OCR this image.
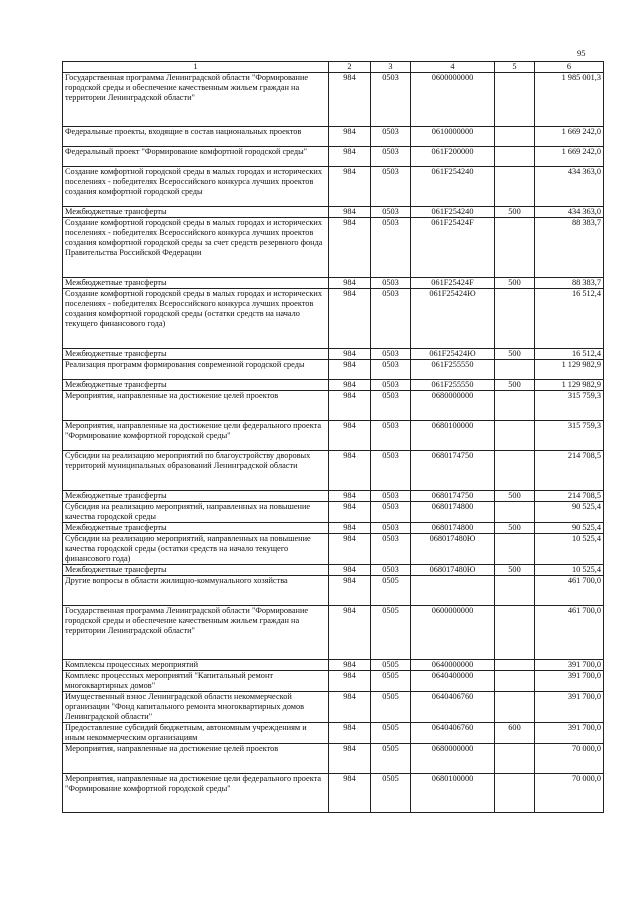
95
1	2	3	4	5	6
Государственная программа Ленинградской области "Формирование городской среды и обеспечение качественным жильем граждан на территории Ленинградской области"	984	0503	0600000000		1 985 001,3
Федеральные проекты, входящие в состав национальных проектов	984	0503	0610000000		1 669 242,0
Федеральный проект "Формирование комфортной городской среды"	984	0503	061F200000		1 669 242,0
Создание комфортной городской среды в малых городах и исторических поселениях - победителях Всероссийского конкурса лучших проектов создания комфортной городской среды	984	0503	061F254240		434 363,0
Межбюджетные трансферты	984	0503	061F254240	500	434 363,0
Создание комфортной городской среды в малых городах и исторических поселениях - победителях Всероссийского конкурса лучших проектов создания комфортной городской среды за счет средств резервного фонда Правительства Российской Федерации	984	0503	061F25424F		88 383,7
Межбюджетные трансферты	984	0503	061F25424F	500	88 383,7
Создание комфортной городской среды в малых городах и исторических поселениях - победителях Всероссийского конкурса лучших проектов создания комфортной городской среды (остатки средств на начало текущего финансового года)	984	0503	061F25424Ю		16 512,4
Межбюджетные трансферты	984	0503	061F25424Ю	500	16 512,4
Реализация программ формирования современной городской среды	984	0503	061F255550		1 129 982,9
Межбюджетные трансферты	984	0503	061F255550	500	1 129 982,9
Мероприятия, направленные на достижение целей проектов	984	0503	0680000000		315 759,3
Мероприятия, направленные на достижение цели федерального проекта "Формирование комфортной городской среды"	984	0503	0680100000		315 759,3
Субсидии на реализацию мероприятий по благоустройству дворовых территорий муниципальных образований Ленинградской области	984	0503	0680174750		214 708,5
Межбюджетные трансферты	984	0503	0680174750	500	214 708,5
Субсидия на реализацию мероприятий, направленных на повышение качества городской среды	984	0503	0680174800		90 525,4
Межбюджетные трансферты	984	0503	0680174800	500	90 525,4
Субсидии на реализацию мероприятий, направленных на повышение качества городской среды (остатки средств на начало текущего финансового года)	984	0503	068017480Ю		10 525,4
Межбюджетные трансферты	984	0503	068017480Ю	500	10 525,4
Другие вопросы в области жилищно-коммунального хозяйства	984	0505			461 700,0
Государственная программа Ленинградской области "Формирование городской среды и обеспечение качественным жильем граждан на территории Ленинградской области"	984	0505	0600000000		461 700,0
Комплексы процессных мероприятий	984	0505	0640000000		391 700,0
Комплекс процессных мероприятий "Капитальный ремонт многоквартирных домов"	984	0505	0640400000		391 700,0
Имущественный взнос Ленинградской области некоммерческой организации "Фонд капитального ремонта многоквартирных домов Ленинградской области"	984	0505	0640406760		391 700,0
Предоставление субсидий бюджетным, автономным учреждениям и иным некоммерческим организациям	984	0505	0640406760	600	391 700,0
Мероприятия, направленные на достижение целей проектов	984	0505	0680000000		70 000,0
Мероприятия, направленные на достижение цели федерального проекта "Формирование комфортной городской среды"	984	0505	0680100000		70 000,0
